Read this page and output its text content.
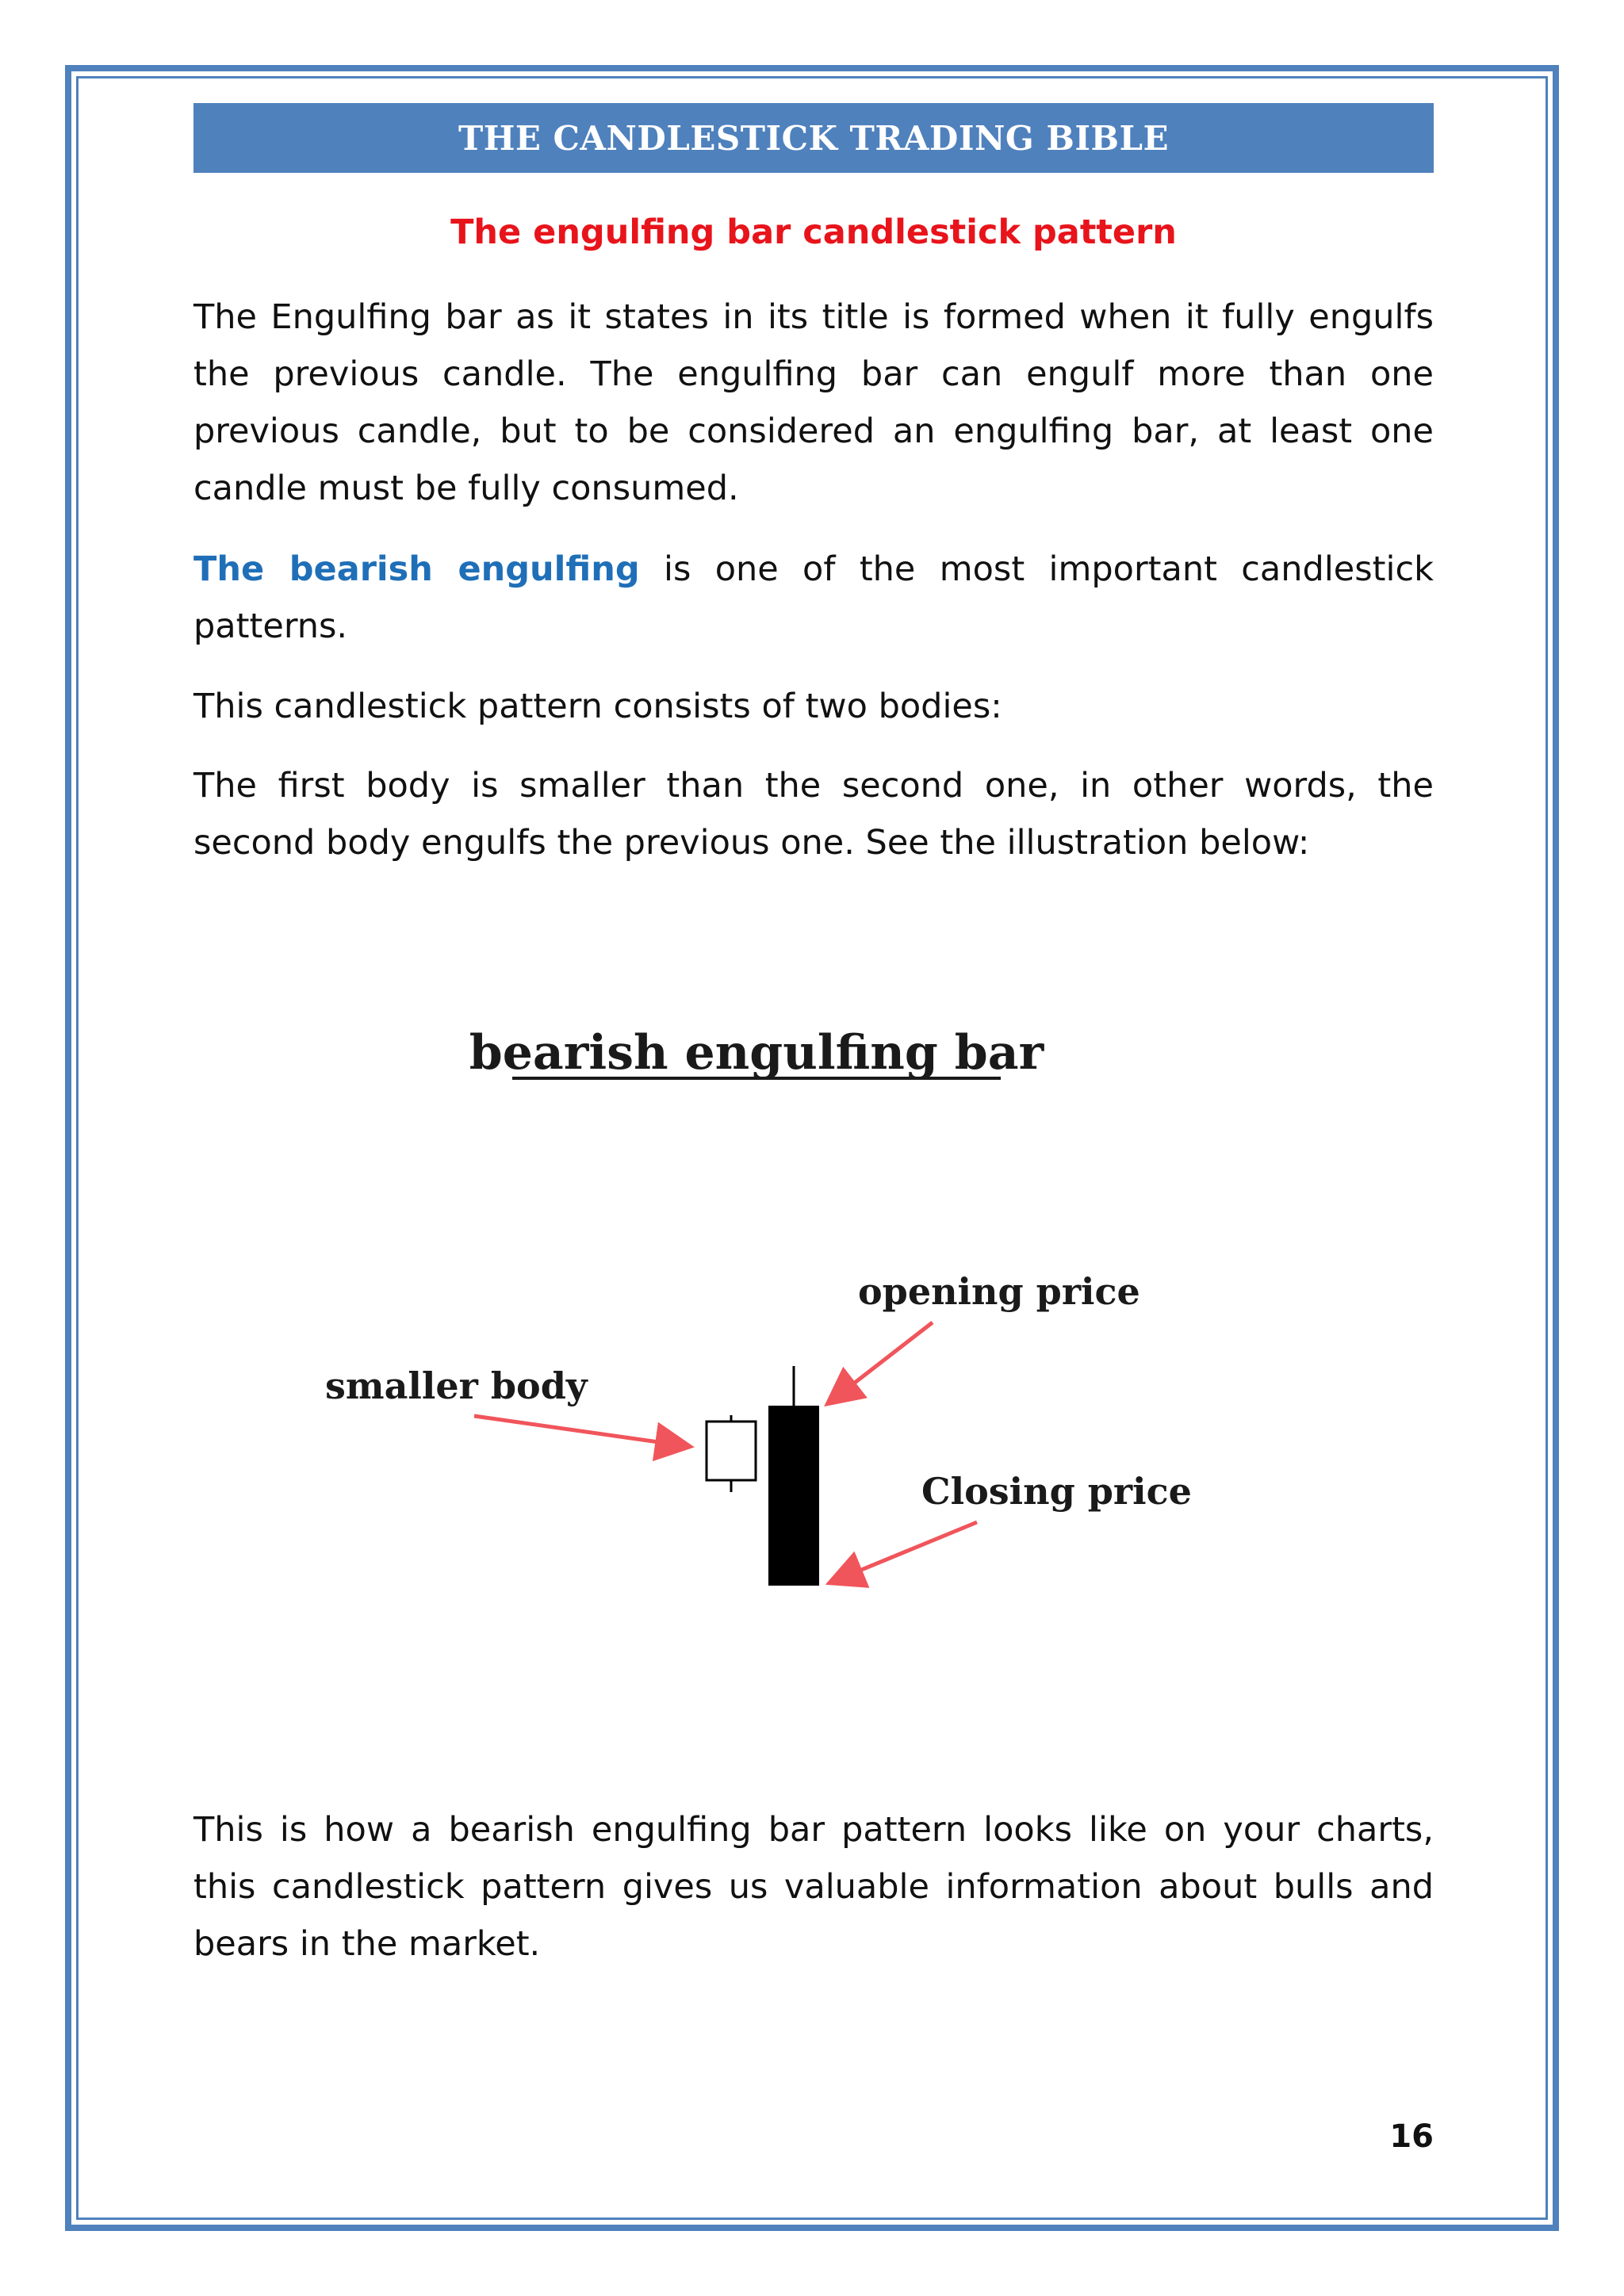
THE CANDLESTICK TRADING BIBLE
The engulfing bar candlestick pattern

The Engulfing bar as it states in its title is formed when it fully engulfs the previous candle. The engulfing bar can engulf more than one previous candle, but to be considered an engulfing bar, at least one candle must be fully consumed.

The bearish engulfing is one of the most important candlestick patterns.

This candlestick pattern consists of two bodies:

The first body is smaller than the second one, in other words, the second body engulfs the previous one. See the illustration below:

bearish engulfing bar
opening price
smaller body
Closing price

This is how a bearish engulfing bar pattern looks like on your charts, this candlestick pattern gives us valuable information about bulls and bears in the market.

16
